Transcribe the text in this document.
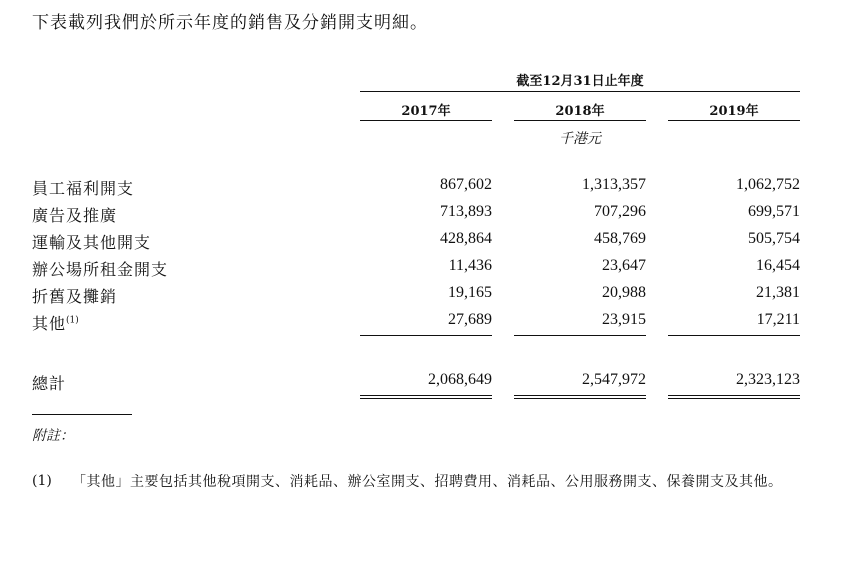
下表載列我們於所示年度的銷售及分銷開支明細。
截至12月31日止年度
2017年	2018年	2019年
千港元
員工福利開支	867,602	1,313,357	1,062,752
廣告及推廣	713,893	707,296	699,571
運輸及其他開支	428,864	458,769	505,754
辦公場所租金開支	11,436	23,647	16,454
折舊及攤銷	19,165	20,988	21,381
其他$^{(1)}$	27,689	23,915	17,211
總計	2,068,649	2,547,972	2,323,123
附註：
(1) 「其他」主要包括其他稅項開支、消耗品、辦公室開支、招聘費用、消耗品、公用服務開支、保養開支及其他。
